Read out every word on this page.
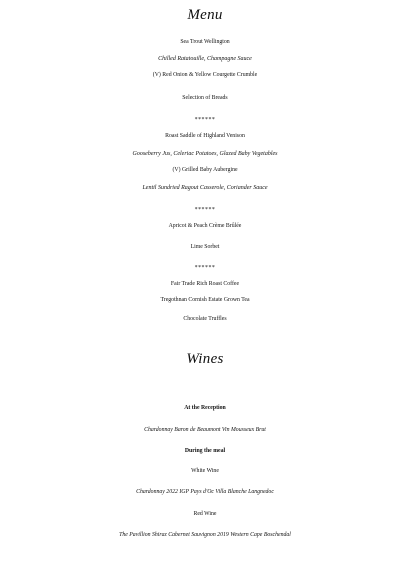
Menu
Sea Trout Wellington
Chilled Ratatouille, Champagne Sauce
(V) Red Onion & Yellow Courgette Crumble
Selection of Breads
******
Roast Saddle of Highland Venison
Gooseberry Jus, Celeriac Potatoes, Glazed Baby Vegetables
(V) Grilled Baby Aubergine
Lentil Sundried Ragout Casserole, Coriander Sauce
******
Apricot & Peach Crème Brûlée
Lime Sorbet
******
Fair Trade Rich Roast Coffee
Tregothnan Cornish Estate Grown Tea
Chocolate Truffles
Wines
At the Reception
Chardonnay Baron de Beaumont Vin Mousseux Brut
During the meal
White Wine
Chardonnay 2022 IGP Pays d'Oc Villa Blanche Langnedoc
Red Wine
The Pavillion Shiraz Cabernet Sauvignon 2019 Western Cape Boschendal
